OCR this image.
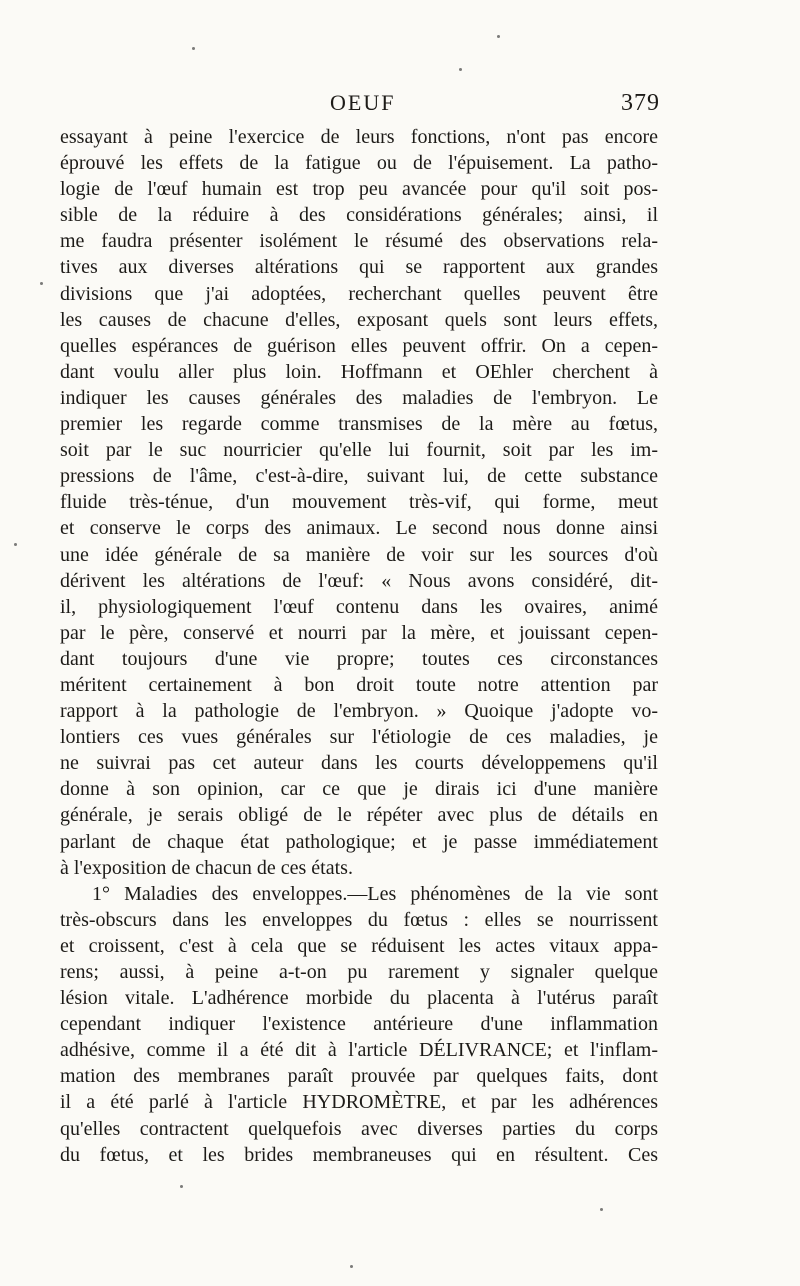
OEUF	379
essayant à peine l'exercice de leurs fonctions, n'ont pas encore
éprouvé les effets de la fatigue ou de l'épuisement. La patho-
logie de l'œuf humain est trop peu avancée pour qu'il soit pos-
sible de la réduire à des considérations générales; ainsi, il
me faudra présenter isolément le résumé des observations rela-
tives aux diverses altérations qui se rapportent aux grandes
divisions que j'ai adoptées, recherchant quelles peuvent être
les causes de chacune d'elles, exposant quels sont leurs effets,
quelles espérances de guérison elles peuvent offrir. On a cepen-
dant voulu aller plus loin. Hoffmann et OEhler cherchent à
indiquer les causes générales des maladies de l'embryon. Le
premier les regarde comme transmises de la mère au fœtus,
soit par le suc nourricier qu'elle lui fournit, soit par les im-
pressions de l'âme, c'est-à-dire, suivant lui, de cette substance
fluide très-ténue, d'un mouvement très-vif, qui forme, meut
et conserve le corps des animaux. Le second nous donne ainsi
une idée générale de sa manière de voir sur les sources d'où
dérivent les altérations de l'œuf: « Nous avons considéré, dit-
il, physiologiquement l'œuf contenu dans les ovaires, animé
par le père, conservé et nourri par la mère, et jouissant cepen-
dant toujours d'une vie propre; toutes ces circonstances
méritent certainement à bon droit toute notre attention par
rapport à la pathologie de l'embryon. » Quoique j'adopte vo-
lontiers ces vues générales sur l'étiologie de ces maladies, je
ne suivrai pas cet auteur dans les courts développemens qu'il
donne à son opinion, car ce que je dirais ici d'une manière
générale, je serais obligé de le répéter avec plus de détails en
parlant de chaque état pathologique; et je passe immédiatement
à l'exposition de chacun de ces états.
1° Maladies des enveloppes.—Les phénomènes de la vie sont
très-obscurs dans les enveloppes du fœtus : elles se nourrissent
et croissent, c'est à cela que se réduisent les actes vitaux appa-
rens; aussi, à peine a-t-on pu rarement y signaler quelque
lésion vitale. L'adhérence morbide du placenta à l'utérus paraît
cependant indiquer l'existence antérieure d'une inflammation
adhésive, comme il a été dit à l'article DÉLIVRANCE; et l'inflam-
mation des membranes paraît prouvée par quelques faits, dont
il a été parlé à l'article HYDROMÈTRE, et par les adhérences
qu'elles contractent quelquefois avec diverses parties du corps
du fœtus, et les brides membraneuses qui en résultent. Ces
